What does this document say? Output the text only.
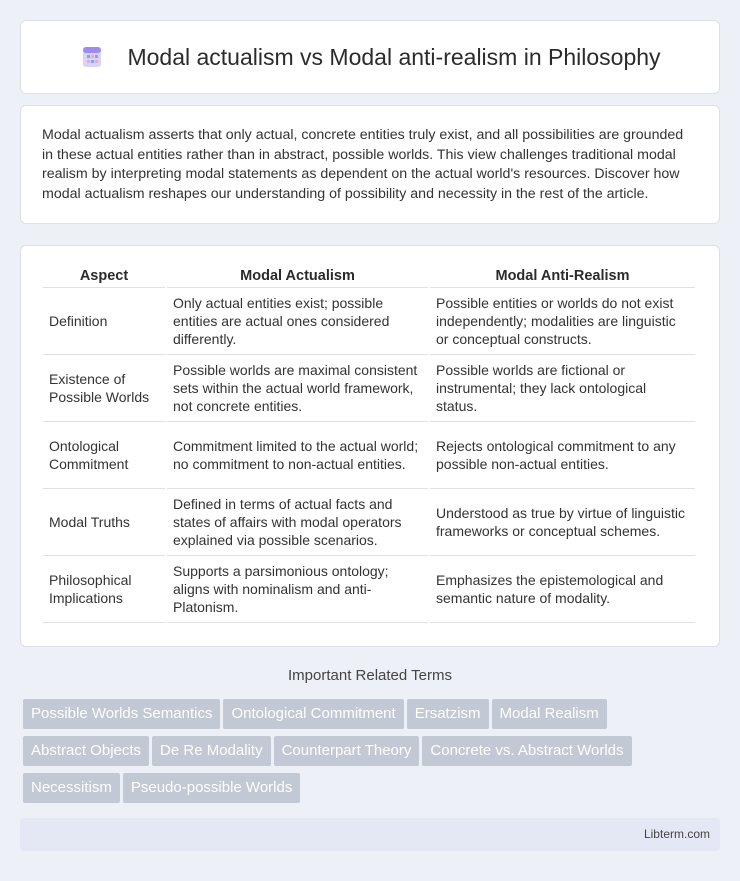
Modal actualism vs Modal anti-realism in Philosophy

Modal actualism asserts that only actual, concrete entities truly exist, and all possibilities are grounded in these actual entities rather than in abstract, possible worlds. This view challenges traditional modal realism by interpreting modal statements as dependent on the actual world's resources. Discover how modal actualism reshapes our understanding of possibility and necessity in the rest of the article.

Aspect	Modal Actualism	Modal Anti-Realism
Definition	Only actual entities exist; possible entities are actual ones considered differently.	Possible entities or worlds do not exist independently; modalities are linguistic or conceptual constructs.
Existence of Possible Worlds	Possible worlds are maximal consistent sets within the actual world framework, not concrete entities.	Possible worlds are fictional or instrumental; they lack ontological status.
Ontological Commitment	Commitment limited to the actual world; no commitment to non-actual entities.	Rejects ontological commitment to any possible non-actual entities.
Modal Truths	Defined in terms of actual facts and states of affairs with modal operators explained via possible scenarios.	Understood as true by virtue of linguistic frameworks or conceptual schemes.
Philosophical Implications	Supports a parsimonious ontology; aligns with nominalism and anti-Platonism.	Emphasizes the epistemological and semantic nature of modality.
Important Related Terms
Possible Worlds Semantics Ontological Commitment Ersatzism Modal RealismAbstract Objects De Re Modality Counterpart Theory Concrete vs. Abstract WorldsNecessitism Pseudo-possible Worlds
Libterm.com
